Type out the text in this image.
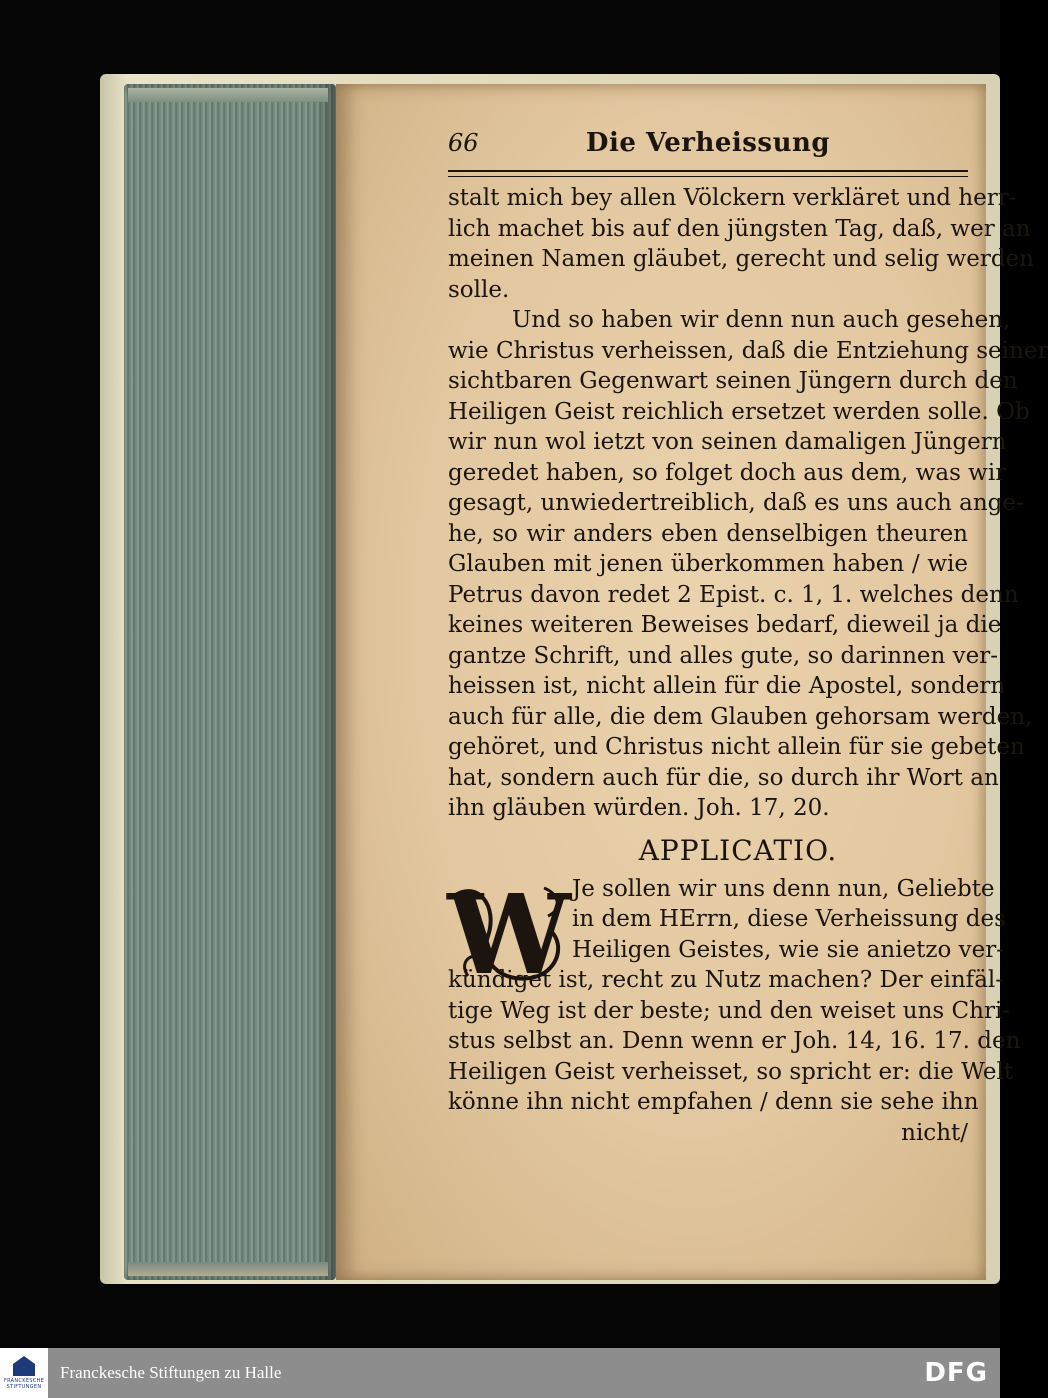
66	Die Verheissung
stalt mich bey allen Völckern verkläret und herr-
lich machet bis auf den jüngsten Tag, daß, wer an
meinen Namen gläubet, gerecht und selig werden
solle.
Und so haben wir denn nun auch gesehen,
wie Christus verheissen, daß die Entziehung seiner
sichtbaren Gegenwart seinen Jüngern durch den
Heiligen Geist reichlich ersetzet werden solle. Ob
wir nun wol ietzt von seinen damaligen Jüngern
geredet haben, so folget doch aus dem, was wir
gesagt, unwiedertreiblich, daß es uns auch ange-
he, so wir anders eben denselbigen theuren
Glauben mit jenen überkommen haben / wie
Petrus davon redet 2 Epist. c. 1, 1. welches denn
keines weiteren Beweises bedarf, dieweil ja die
gantze Schrift, und alles gute, so darinnen ver-
heissen ist, nicht allein für die Apostel, sondern
auch für alle, die dem Glauben gehorsam werden,
gehöret, und Christus nicht allein für sie gebeten
hat, sondern auch für die, so durch ihr Wort an
ihn gläuben würden. Joh. 17, 20.
APPLICATIO.
W Je sollen wir uns denn nun, Geliebte
in dem HErrn, diese Verheissung des
Heiligen Geistes, wie sie anietzo ver-
kündiget ist, recht zu Nutz machen? Der einfäl-
tige Weg ist der beste; und den weiset uns Chri-
stus selbst an. Denn wenn er Joh. 14, 16. 17. den
Heiligen Geist verheisset, so spricht er: die Welt
könne ihn nicht empfahen / denn sie sehe ihn
nicht/
FRANCKESCHE STIFTUNGEN
Franckesche Stiftungen zu Halle	DFG
